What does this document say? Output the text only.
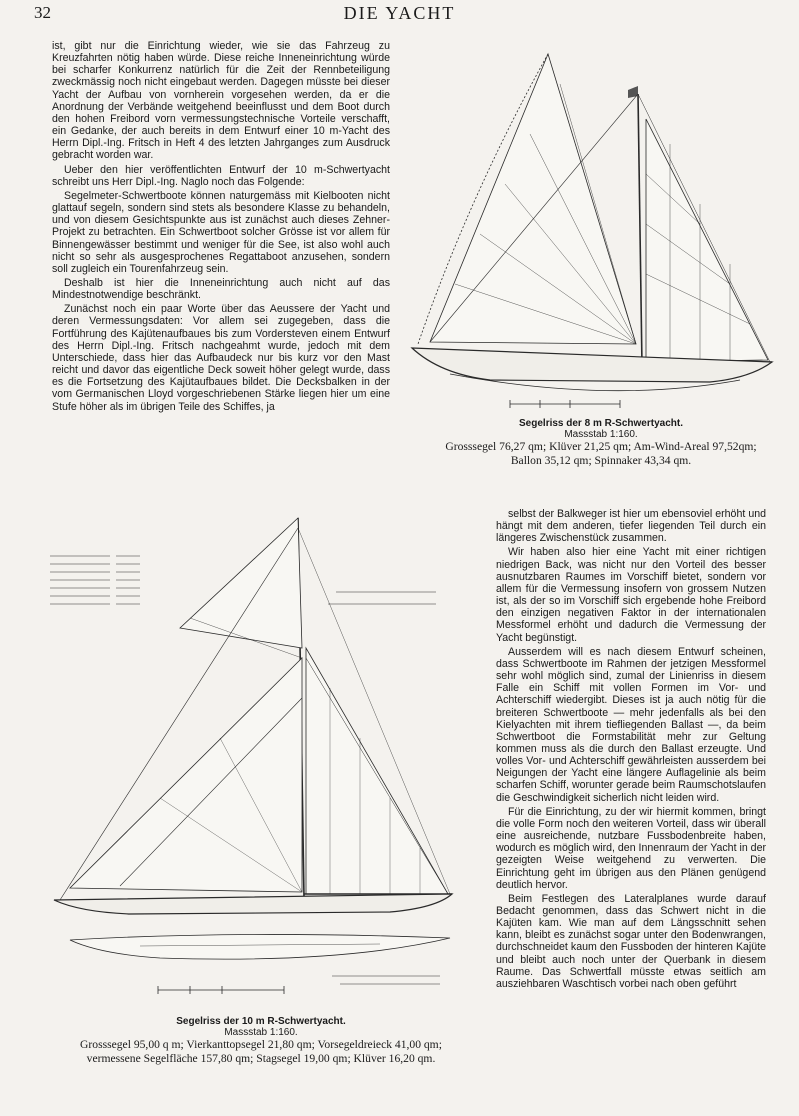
32	DIE YACHT

ist, gibt nur die Einrichtung wieder, wie sie das Fahrzeug zu Kreuzfahrten nötig haben würde. Diese reiche Inneneinrichtung würde bei scharfer Konkurrenz natürlich für die Zeit der Rennbeteiligung zweckmässig noch nicht eingebaut werden. Dagegen müsste bei dieser Yacht der Aufbau von vornherein vorgesehen werden, da er die Anordnung der Verbände weitgehend beeinflusst und dem Boot durch den hohen Freibord vorn vermessungstechnische Vorteile verschafft, ein Gedanke, der auch bereits in dem Entwurf einer 10 m-Yacht des Herrn Dipl.-Ing. Fritsch in Heft 4 des letzten Jahrganges zum Ausdruck gebracht worden war.

Ueber den hier veröffentlichten Entwurf der 10 m-Schwertyacht schreibt uns Herr Dipl.-Ing. Naglo noch das Folgende:

Segelmeter-Schwertboote können naturgemäss mit Kielbooten nicht glattauf segeln, sondern sind stets als besondere Klasse zu behandeln, und von diesem Gesichtspunkte aus ist zunächst auch dieses Zehner-Projekt zu betrachten. Ein Schwertboot solcher Grösse ist vor allem für Binnengewässer bestimmt und weniger für die See, ist also wohl auch nicht so sehr als ausgesprochenes Regattaboot anzusehen, sondern soll zugleich ein Tourenfahrzeug sein.

Deshalb ist hier die Inneneinrichtung auch nicht auf das Mindestnotwendige beschränkt.

Zunächst noch ein paar Worte über das Aeussere der Yacht und deren Vermessungsdaten: Vor allem sei zugegeben, dass die Fortführung des Kajütenaufbaues bis zum Vordersteven einem Entwurf des Herrn Dipl.-Ing. Fritsch nachgeahmt wurde, jedoch mit dem Unterschiede, dass hier das Aufbaudeck nur bis kurz vor den Mast reicht und davor das eigentliche Deck soweit höher gelegt wurde, dass es die Fortsetzung des Kajütaufbaues bildet. Die Decksbalken in der vom Germanischen Lloyd vorgeschriebenen Stärke liegen hier um eine Stufe höher als im übrigen Teile des Schiffes, ja

Segelriss der 8 m R-Schwertyacht.
Massstab 1:160.
Grosssegel 76,27 qm; Klüver 21,25 qm; Am-Wind-Areal 97,52qm;
Ballon 35,12 qm; Spinnaker 43,34 qm.
Segelriss der 10 m R-Schwertyacht.
Massstab 1:160.
Grosssegel 95,00 q m; Vierkanttopsegel 21,80 qm; Vorsegeldreieck 41,00 qm;
vermessene Segelfläche 157,80 qm; Stagsegel 19,00 qm; Klüver 16,20 qm.

selbst der Balkweger ist hier um ebensoviel erhöht und hängt mit dem anderen, tiefer liegenden Teil durch ein längeres Zwischenstück zusammen.

Wir haben also hier eine Yacht mit einer richtigen niedrigen Back, was nicht nur den Vorteil des besser ausnutzbaren Raumes im Vorschiff bietet, sondern vor allem für die Vermessung insofern von grossem Nutzen ist, als der so im Vorschiff sich ergebende hohe Freibord den einzigen negativen Faktor in der internationalen Messformel erhöht und dadurch die Vermessung der Yacht begünstigt.

Ausserdem will es nach diesem Entwurf scheinen, dass Schwertboote im Rahmen der jetzigen Messformel sehr wohl möglich sind, zumal der Linienriss in diesem Falle ein Schiff mit vollen Formen im Vor- und Achterschiff wiedergibt. Dieses ist ja auch nötig für die breiteren Schwertboote — mehr jedenfalls als bei den Kielyachten mit ihrem tiefliegenden Ballast —, da beim Schwertboot die Formstabilität mehr zur Geltung kommen muss als die durch den Ballast erzeugte. Und volles Vor- und Achterschiff gewährleisten ausserdem bei Neigungen der Yacht eine längere Auflagelinie als beim scharfen Schiff, worunter gerade beim Raumschotslaufen die Geschwindigkeit sicherlich nicht leiden wird.

Für die Einrichtung, zu der wir hiermit kommen, bringt die volle Form noch den weiteren Vorteil, dass wir überall eine ausreichende, nutzbare Fussbodenbreite haben, wodurch es möglich wird, den Innenraum der Yacht in der gezeigten Weise weitgehend zu verwerten. Die Einrichtung geht im übrigen aus den Plänen genügend deutlich hervor.

Beim Festlegen des Lateralplanes wurde darauf Bedacht genommen, dass das Schwert nicht in die Kajüten kam. Wie man auf dem Längsschnitt sehen kann, bleibt es zunächst sogar unter den Bodenwrangen, durchschneidet kaum den Fussboden der hinteren Kajüte und bleibt auch noch unter der Querbank in diesem Raume. Das Schwertfall müsste etwas seitlich am ausziehbaren Waschtisch vorbei nach oben geführt
